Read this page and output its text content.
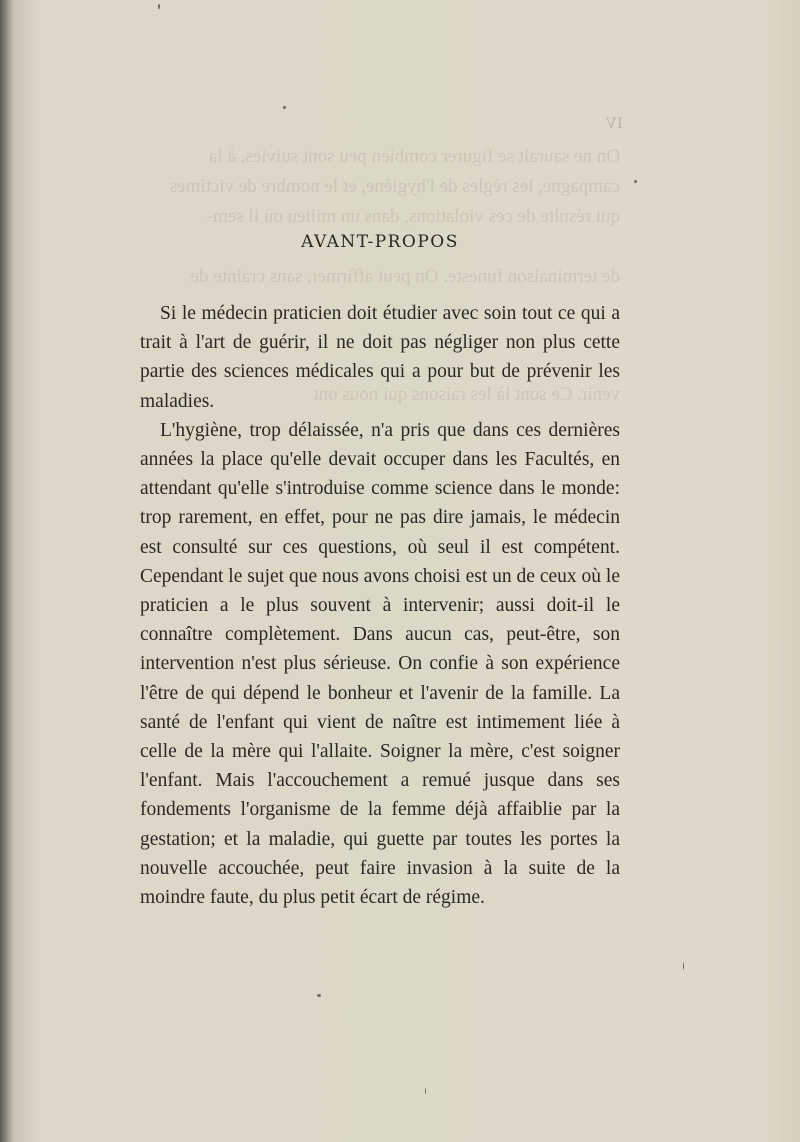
On ne saurait se figurer combien peu sont suivies, à la
campagne, les règles de l'hygiène, et le nombre de victimes
qui résulte de ces violations, dans un milieu où il sem-
de terminaison funeste. On peut affirmer, sans crainte de
venir. Ce sont là les raisons qui nous ont
IV
AVANT-PROPOS

Si le médecin praticien doit étudier avec soin tout ce qui a trait à l'art de guérir, il ne doit pas négliger non plus cette partie des sciences médicales qui a pour but de prévenir les maladies.

L'hygiène, trop délaissée, n'a pris que dans ces dernières années la place qu'elle devait occuper dans les Facultés, en attendant qu'elle s'introduise comme science dans le monde: trop rarement, en effet, pour ne pas dire jamais, le médecin est consulté sur ces questions, où seul il est compétent. Cependant le sujet que nous avons choisi est un de ceux où le praticien a le plus souvent à intervenir; aussi doit-il le connaître complètement. Dans aucun cas, peut-être, son intervention n'est plus sérieuse. On confie à son expérience l'être de qui dépend le bonheur et l'avenir de la famille. La santé de l'enfant qui vient de naître est intimement liée à celle de la mère qui l'allaite. Soigner la mère, c'est soigner l'enfant. Mais l'accouchement a remué jusque dans ses fondements l'organisme de la femme déjà affaiblie par la gestation; et la maladie, qui guette par toutes les portes la nouvelle accouchée, peut faire invasion à la suite de la moindre faute, du plus petit écart de régime.
